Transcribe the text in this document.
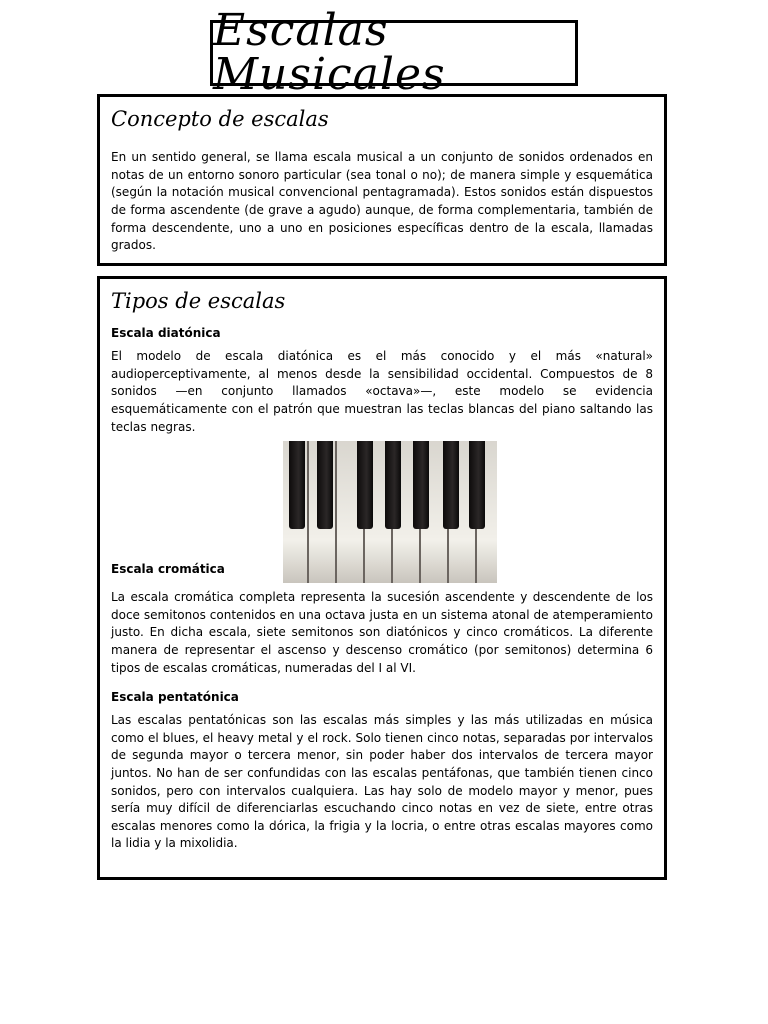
Escalas Musicales
Concepto de escalas

En un sentido general, se llama escala musical a un conjunto de sonidos ordenados en notas de un entorno sonoro particular (sea tonal o no); de manera simple y esquemática (según la notación musical convencional pentagramada). Estos sonidos están dispuestos de forma ascendente (de grave a agudo) aunque, de forma complementaria, también de forma descendente, uno a uno en posiciones específicas dentro de la escala, llamadas grados.

Tipos de escalas

Escala diatónica

El modelo de escala diatónica es el más conocido y el más «natural» audioperceptivamente, al menos desde la sensibilidad occidental. Compuestos de 8 sonidos —en conjunto llamados «octava»—, este modelo se evidencia esquemáticamente con el patrón que muestran las teclas blancas del piano saltando las teclas negras.

Escala cromática

La escala cromática completa representa la sucesión ascendente y descendente de los doce semitonos contenidos en una octava justa en un sistema atonal de atemperamiento justo. En dicha escala, siete semitonos son diatónicos y cinco cromáticos. La diferente manera de representar el ascenso y descenso cromático (por semitonos) determina 6 tipos de escalas cromáticas, numeradas del I al VI.

Escala pentatónica

Las escalas pentatónicas son las escalas más simples y las más utilizadas en música como el blues, el heavy metal y el rock. Solo tienen cinco notas, separadas por intervalos de segunda mayor o tercera menor, sin poder haber dos intervalos de tercera mayor juntos. No han de ser confundidas con las escalas pentáfonas, que también tienen cinco sonidos, pero con intervalos cualquiera. Las hay solo de modelo mayor y menor, pues sería muy difícil de diferenciarlas escuchando cinco notas en vez de siete, entre otras escalas menores como la dórica, la frigia y la locria, o entre otras escalas mayores como la lidia y la mixolidia.
